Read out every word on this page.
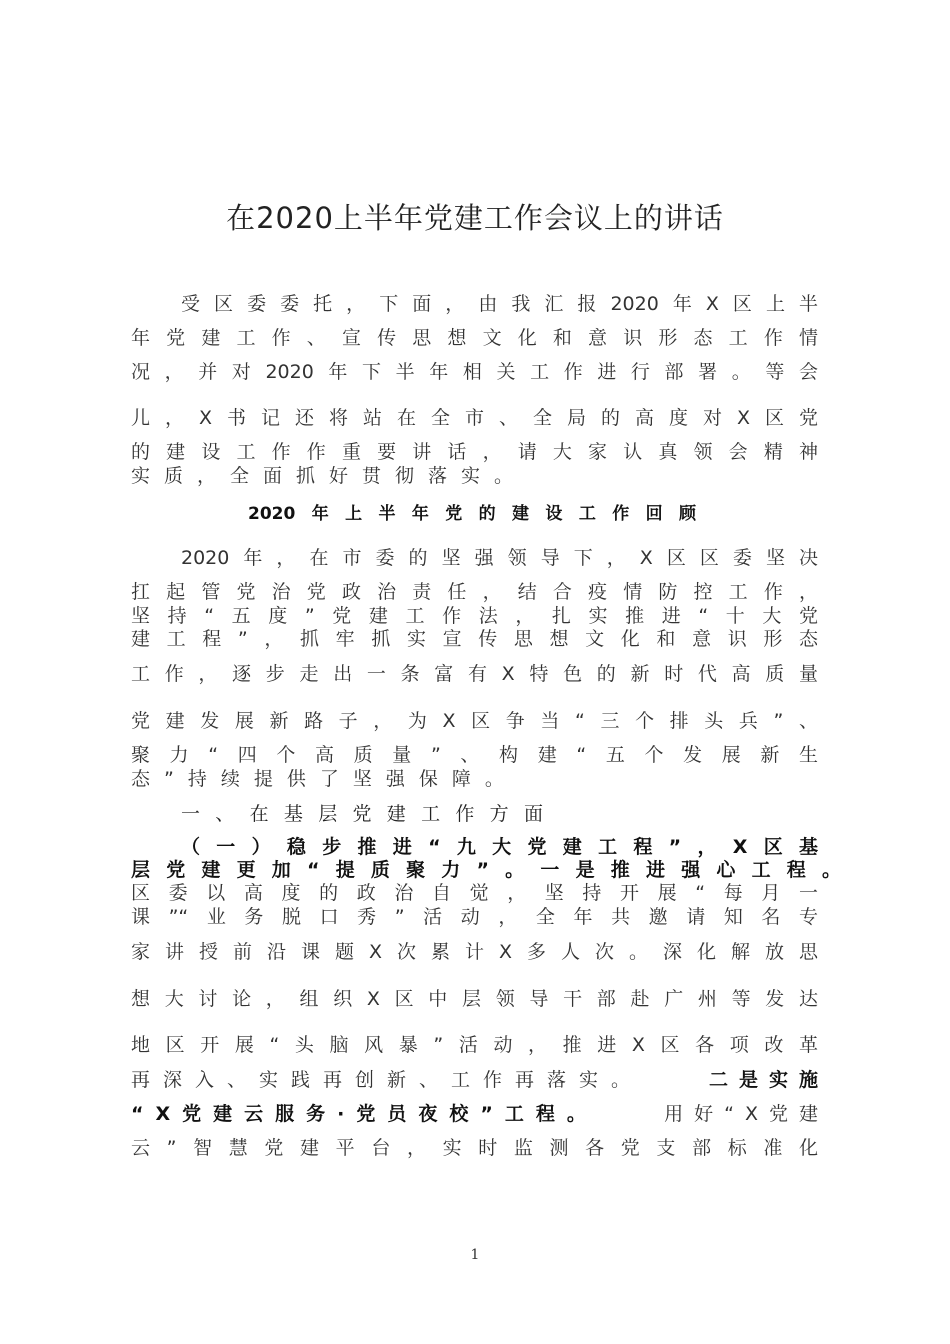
在2020上半年党建工作会议上的讲话
受区委委托，下面，由我汇报2020年X区上半
年党建工作、宣传思想文化和意识形态工作情
况，并对2020年下半年相关工作进行部署。等会
儿，X书记还将站在全市、全局的高度对X区党
的建设工作作重要讲话，请大家认真领会精神
实质，全面抓好贯彻落实。
2020年上半年党的建设工作回顾
2020年，在市委的坚强领导下，X区区委坚决
扛起管党治党政治责任，结合疫情防控工作，
坚持“五度”党建工作法，扎实推进“十大党
建工程”，抓牢抓实宣传思想文化和意识形态
工作，逐步走出一条富有X特色的新时代高质量
党建发展新路子，为X区争当“三个排头兵”、
聚力“四个高质量”、构建“五个发展新生
态”持续提供了坚强保障。
一、在基层党建工作方面
（一）稳步推进“九大党建工程”，X区基
层党建更加“提质聚力”。一是推进强心工程。
区委以高度的政治自觉，坚持开展“每月一
课”“业务脱口秀”活动，全年共邀请知名专
家讲授前沿课题X次累计X多人次。深化解放思
想大讨论，组织X区中层领导干部赴广州等发达
地区开展“头脑风暴”活动，推进X区各项改革
再深入、实践再创新、工作再落实。	二是实施
“X党建云服务·党员夜校”工程。	用好“X党建
云”智慧党建平台，实时监测各党支部标准化
1
